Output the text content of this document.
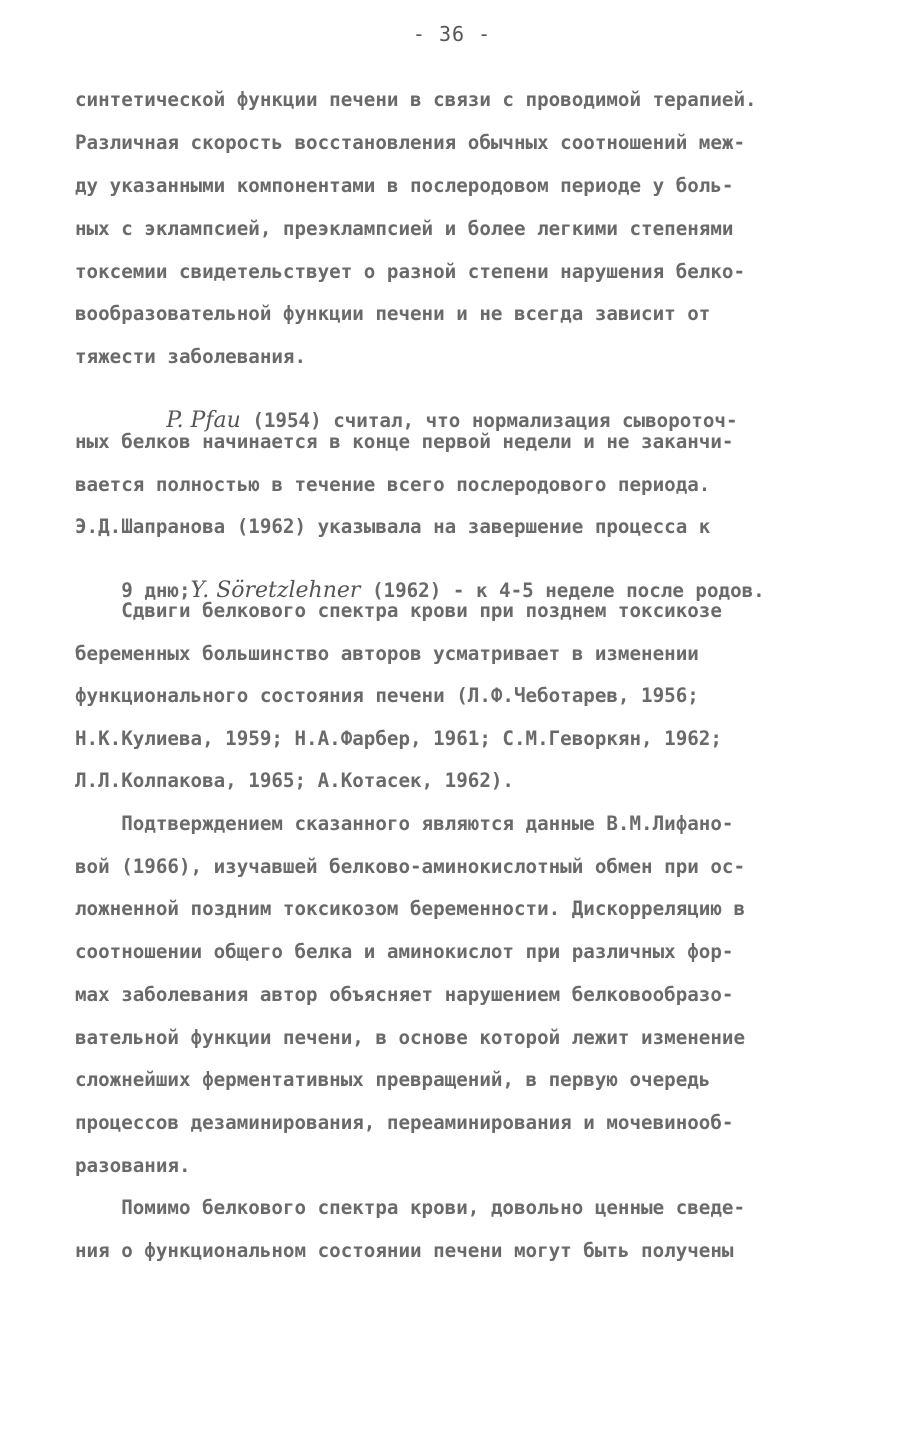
- 36 -
синтетической функции печени в связи с проводимой терапией.
Различная скорость восстановления обычных соотношений меж-
ду указанными компонентами в послеродовом периоде у боль-
ных с эклампсией, преэклампсией и более легкими степенями
токсемии свидетельствует о разной степени нарушения белко-
вообразовательной функции печени и не всегда зависит от
тяжести заболевания.

P. Pfau (1954) считал, что нормализация сывороточ-

ных белков начинается в конце первой недели и не заканчи-
вается полностью в течение всего послеродового периода.
Э.Д.Шапранова (1962) указывала на завершение процесса к

9 дню;Y. Söretzlehner (1962) - к 4-5 неделе после родов.

Сдвиги белкового спектра крови при позднем токсикозе
беременных большинство авторов усматривает в изменении
функционального состояния печени (Л.Ф.Чеботарев, 1956;
Н.К.Кулиева, 1959; Н.А.Фарбер, 1961; С.М.Геворкян, 1962;
Л.Л.Колпакова, 1965; А.Котасек, 1962).
Подтверждением сказанного являются данные В.М.Лифано-
вой (1966), изучавшей белково-аминокислотный обмен при ос-
ложненной поздним токсикозом беременности. Дискорреляцию в
соотношении общего белка и аминокислот при различных фор-
мах заболевания автор объясняет нарушением белковообразо-
вательной функции печени, в основе которой лежит изменение
сложнейших ферментативных превращений, в первую очередь
процессов дезаминирования, переаминирования и мочевинооб-
разования.
Помимо белкового спектра крови, довольно ценные сведе-
ния о функциональном состоянии печени могут быть получены
